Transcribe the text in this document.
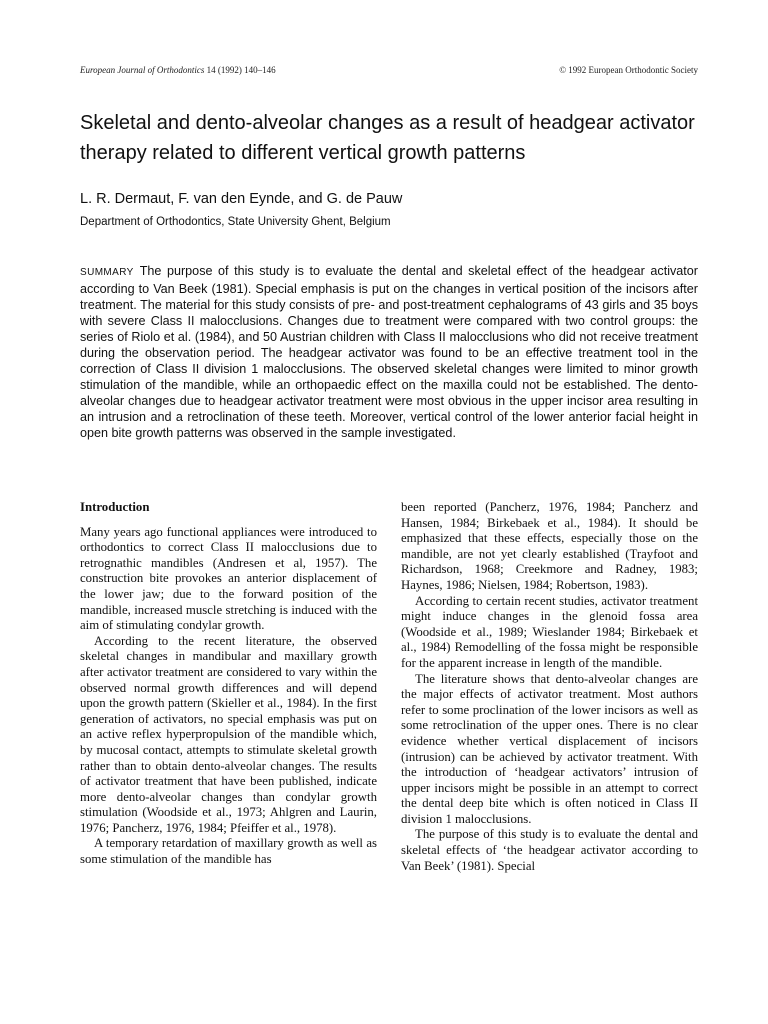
European Journal of Orthodontics 14 (1992) 140–146	© 1992 European Orthodontic Society
Skeletal and dento-alveolar changes as a result of headgear activator therapy related to different vertical growth patterns

L. R. Dermaut, F. van den Eynde, and G. de Pauw

Department of Orthodontics, State University Ghent, Belgium

SUMMARY The purpose of this study is to evaluate the dental and skeletal effect of the headgear activator according to Van Beek (1981). Special emphasis is put on the changes in vertical position of the incisors after treatment. The material for this study consists of pre- and post-treatment cephalograms of 43 girls and 35 boys with severe Class II malocclusions. Changes due to treatment were compared with two control groups: the series of Riolo et al. (1984), and 50 Austrian children with Class II malocclusions who did not receive treatment during the observation period. The headgear activator was found to be an effective treatment tool in the correction of Class II division 1 malocclusions. The observed skeletal changes were limited to minor growth stimulation of the mandible, while an orthopaedic effect on the maxilla could not be established. The dento-alveolar changes due to headgear activator treatment were most obvious in the upper incisor area resulting in an intrusion and a retroclination of these teeth. Moreover, vertical control of the lower anterior facial height in open bite growth patterns was observed in the sample investigated.

Introduction

Many years ago functional appliances were introduced to orthodontics to correct Class II malocclusions due to retrognathic mandibles (Andresen et al, 1957). The construction bite provokes an anterior displacement of the lower jaw; due to the forward position of the mandible, increased muscle stretching is induced with the aim of stimulating condylar growth.

According to the recent literature, the observed skeletal changes in mandibular and maxillary growth after activator treatment are considered to vary within the observed normal growth differences and will depend upon the growth pattern (Skieller et al., 1984). In the first generation of activators, no special emphasis was put on an active reflex hyperpropulsion of the mandible which, by mucosal contact, attempts to stimulate skeletal growth rather than to obtain dento-alveolar changes. The results of activator treatment that have been published, indicate more dento-alveolar changes than condylar growth stimulation (Woodside et al., 1973; Ahlgren and Laurin, 1976; Pancherz, 1976, 1984; Pfeiffer et al., 1978).

A temporary retardation of maxillary growth as well as some stimulation of the mandible has

been reported (Pancherz, 1976, 1984; Pancherz and Hansen, 1984; Birkebaek et al., 1984). It should be emphasized that these effects, especially those on the mandible, are not yet clearly established (Trayfoot and Richardson, 1968; Creekmore and Radney, 1983; Haynes, 1986; Nielsen, 1984; Robertson, 1983).

According to certain recent studies, activator treatment might induce changes in the glenoid fossa area (Woodside et al., 1989; Wieslander 1984; Birkebaek et al., 1984) Remodelling of the fossa might be responsible for the apparent increase in length of the mandible.

The literature shows that dento-alveolar changes are the major effects of activator treatment. Most authors refer to some proclination of the lower incisors as well as some retroclination of the upper ones. There is no clear evidence whether vertical displacement of incisors (intrusion) can be achieved by activator treatment. With the introduction of ‘headgear activators’ intrusion of upper incisors might be possible in an attempt to correct the dental deep bite which is often noticed in Class II division 1 malocclusions.

The purpose of this study is to evaluate the dental and skeletal effects of ‘the headgear activator according to Van Beek’ (1981). Special
